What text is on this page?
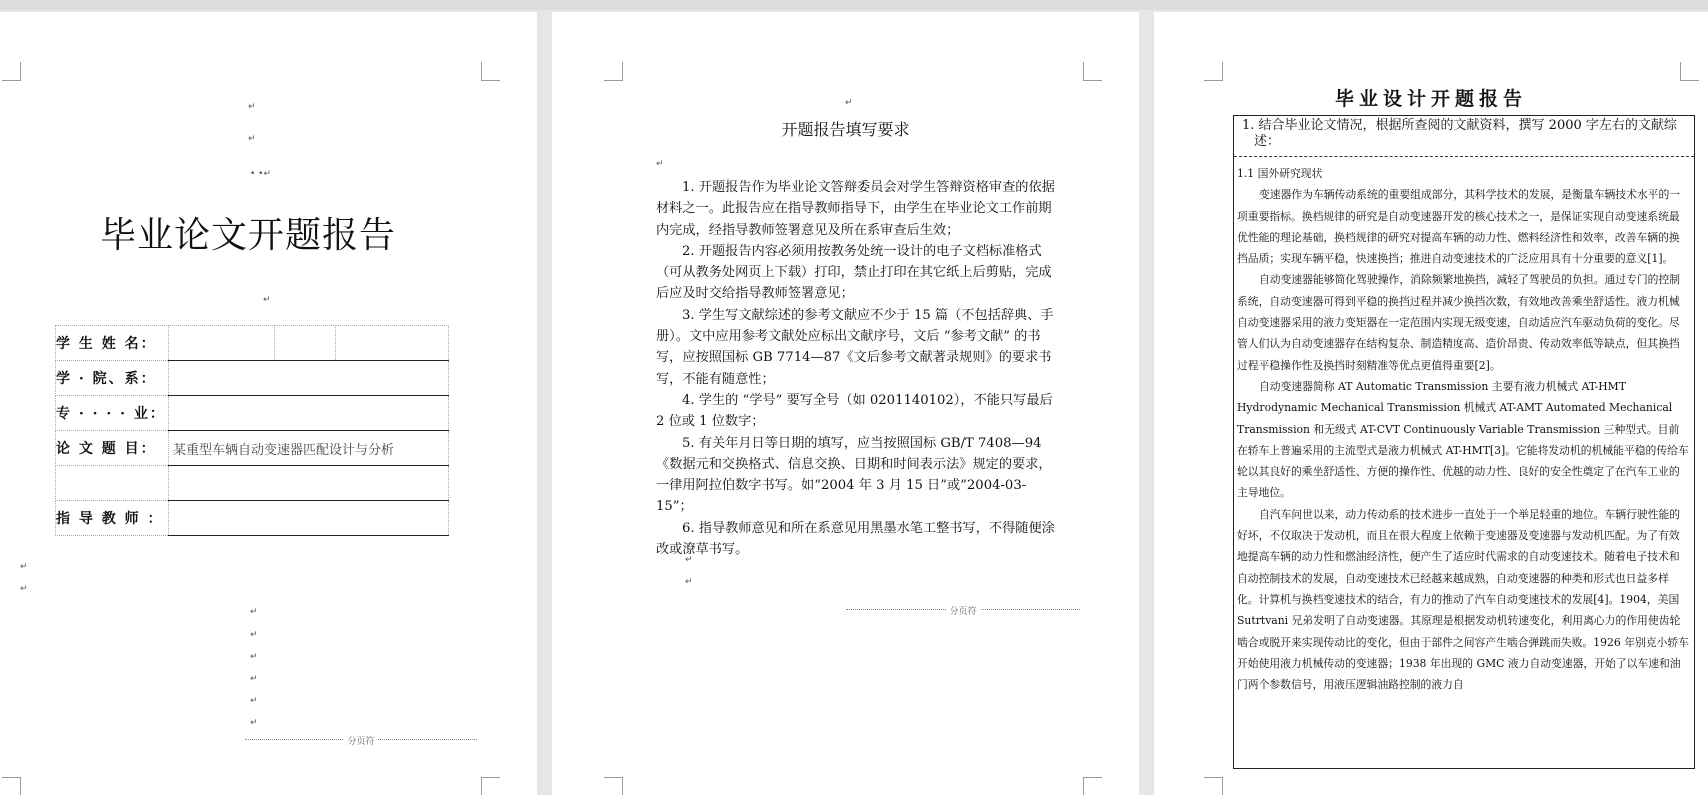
↵
↵
• •↵
毕业论文开题报告
↵
学 生 姓 名：			
学 · 院、系：			
专 · · · · 业：			
论 文 题 目：	某重型车辆自动变速器匹配设计与分析		

指 导 教 师 ：			
↵
↵
↵
↵
↵
↵
↵
↵
分页符
↵
开题报告填写要求
↵

1. 开题报告作为毕业论文答辩委员会对学生答辩资格审查的依据材料之一。此报告应在指导教师指导下，由学生在毕业论文工作前期内完成，经指导教师签署意见及所在系审查后生效；

2. 开题报告内容必须用按教务处统一设计的电子文档标准格式（可从教务处网页上下载）打印，禁止打印在其它纸上后剪贴，完成后应及时交给指导教师签署意见；

3. 学生写文献综述的参考文献应不少于 15 篇（不包括辞典、手册）。文中应用参考文献处应标出文献序号，文后 “参考文献” 的书写，应按照国标 GB 7714—87《文后参考文献著录规则》的要求书写，不能有随意性；

4. 学生的 “学号” 要写全号（如 0201140102），不能只写最后 2 位或 1 位数字；

5. 有关年月日等日期的填写，应当按照国标 GB/T 7408—94《数据元和交换格式、信息交换、日期和时间表示法》规定的要求，一律用阿拉伯数字书写。如“2004 年 3 月 15 日”或“2004-03-15”；

6. 指导教师意见和所在系意见用黑墨水笔工整书写，不得随便涂改或潦草书写。

↵
↵
分页符
毕业设计开题报告
1. 结合毕业论文情况，根据所查阅的文献资料，撰写 2000 字左右的文献综述：

1.1 国外研究现状

变速器作为车辆传动系统的重要组成部分，其科学技术的发展，是衡量车辆技术水平的一项重要指标。换档规律的研究是自动变速器开发的核心技术之一，是保证实现自动变速系统最优性能的理论基础，换档规律的研究对提高车辆的动力性、燃料经济性和效率，改善车辆的换挡品质；实现车辆平稳，快速换挡；推进自动变速技术的广泛应用具有十分重要的意义[1]。

自动变速器能够简化驾驶操作，消除频繁地换挡，减轻了驾驶员的负担。通过专门的控制系统，自动变速器可得到平稳的换挡过程并减少换挡次数，有效地改善乘坐舒适性。液力机械自动变速器采用的液力变矩器在一定范围内实现无级变速，自动适应汽车驱动负荷的变化。尽管人们认为自动变速器存在结构复杂、制造精度高、造价昂贵、传动效率低等缺点，但其换挡过程平稳操作性及换挡时刻精准等优点更值得重要[2]。

自动变速器简称 AT Automatic Transmission 主要有液力机械式 AT-HMT Hydrodynamic Mechanical Transmission 机械式 AT-AMT Automated Mechanical Transmission 和无级式 AT-CVT Continuously Variable Transmission 三种型式。目前在轿车上普遍采用的主流型式是液力机械式 AT-HMT[3]。它能将发动机的机械能平稳的传给车轮以其良好的乘坐舒适性、方便的操作性、优越的动力性、良好的安全性奠定了在汽车工业的主导地位。

自汽车问世以来，动力传动系的技术进步一直处于一个举足轻重的地位。车辆行驶性能的好坏，不仅取决于发动机，而且在很大程度上依赖于变速器及变速器与发动机匹配。为了有效地提高车辆的动力性和燃油经济性，便产生了适应时代需求的自动变速技术。随着电子技术和自动控制技术的发展，自动变速技术已经越来越成熟，自动变速器的种类和形式也日益多样化。计算机与换档变速技术的结合，有力的推动了汽车自动变速技术的发展[4]。1904，美国 Sutrtvani 兄弟发明了自动变速器。其原理是根据发动机转速变化，利用离心力的作用使齿轮啮合或脱开来实现传动比的变化，但由于部件之间容产生啮合弹跳而失败。1926 年别克小轿车开始使用液力机械传动的变速器；1938 年出现的 GMC 液力自动变速器，开始了以车速和油门两个参数信号，用液压逻辑油路控制的液力自
